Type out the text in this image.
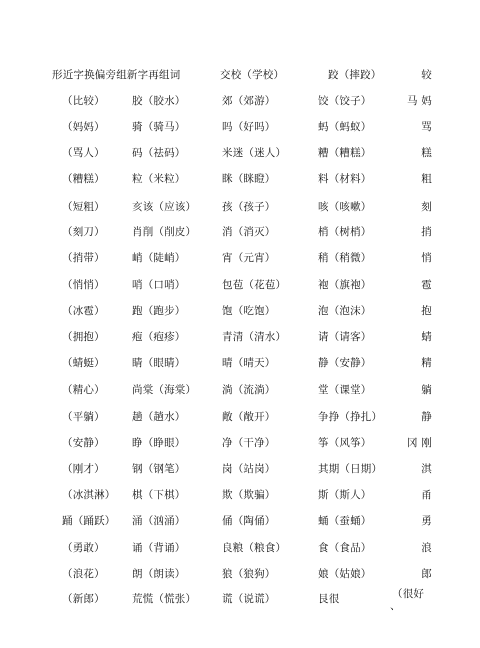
形近字换偏旁组新字再组词	交校（学校）	跤（摔跤）	较
（比较）	胶（胶水）	郊（郊游）	饺（饺子）	马 妈
（妈妈）	骑（骑马）	吗（好吗）	蚂（蚂蚁）	骂
（骂人）	码（祛码）	米迷（迷人）	糟（糟糕）	糕
（糟糕）	粒（米粒）	眯（眯瞪）	料（材料）	粗
（短粗）	亥该（应该） 孩（孩子）	咳（咳嗽）	刻
（刻刀）	肖削（削皮） 消（消灭）	梢（树梢）	捎
（捎带）	峭（陡峭）	宵（元宵）	稍（稍微）	悄
（悄悄）	哨（口哨）	包苞（花苞）	袍（旗袍）	雹
（冰雹）	跑（跑步）	饱（吃饱）	泡（泡沫）	抱
（拥抱）	疱（疱疹）	青清（清水）	请（请客）	蜻
（蜻蜓）	睛（眼睛）	晴（晴天）	静（安静）	精
（精心）	尚棠（海棠） 淌（流淌）	堂（课堂）	躺
（平躺）	趟（趟水）	敞（敞开）	争挣（挣扎）	静
（安静）	睁（睁眼）	净（干净）	筝（风筝）	冈 刚
（刚才）	钢（钢笔）	岗（站岗）	其期（日期）	淇
（冰淇淋） 棋（下棋）	欺（欺骗）	斯（斯人）	甬
踊（踊跃） 涌（汹涌）	俑（陶俑）	蛹（蚕蛹）	勇
（勇敢）	诵（背诵）	良粮（粮食）	食（食品）	浪
（浪花）	朗（朗读）	狼（狼狗）	娘（姑娘）	郎
（新郎）	荒慌（慌张） 谎（说谎）	艮很	（很好
、
